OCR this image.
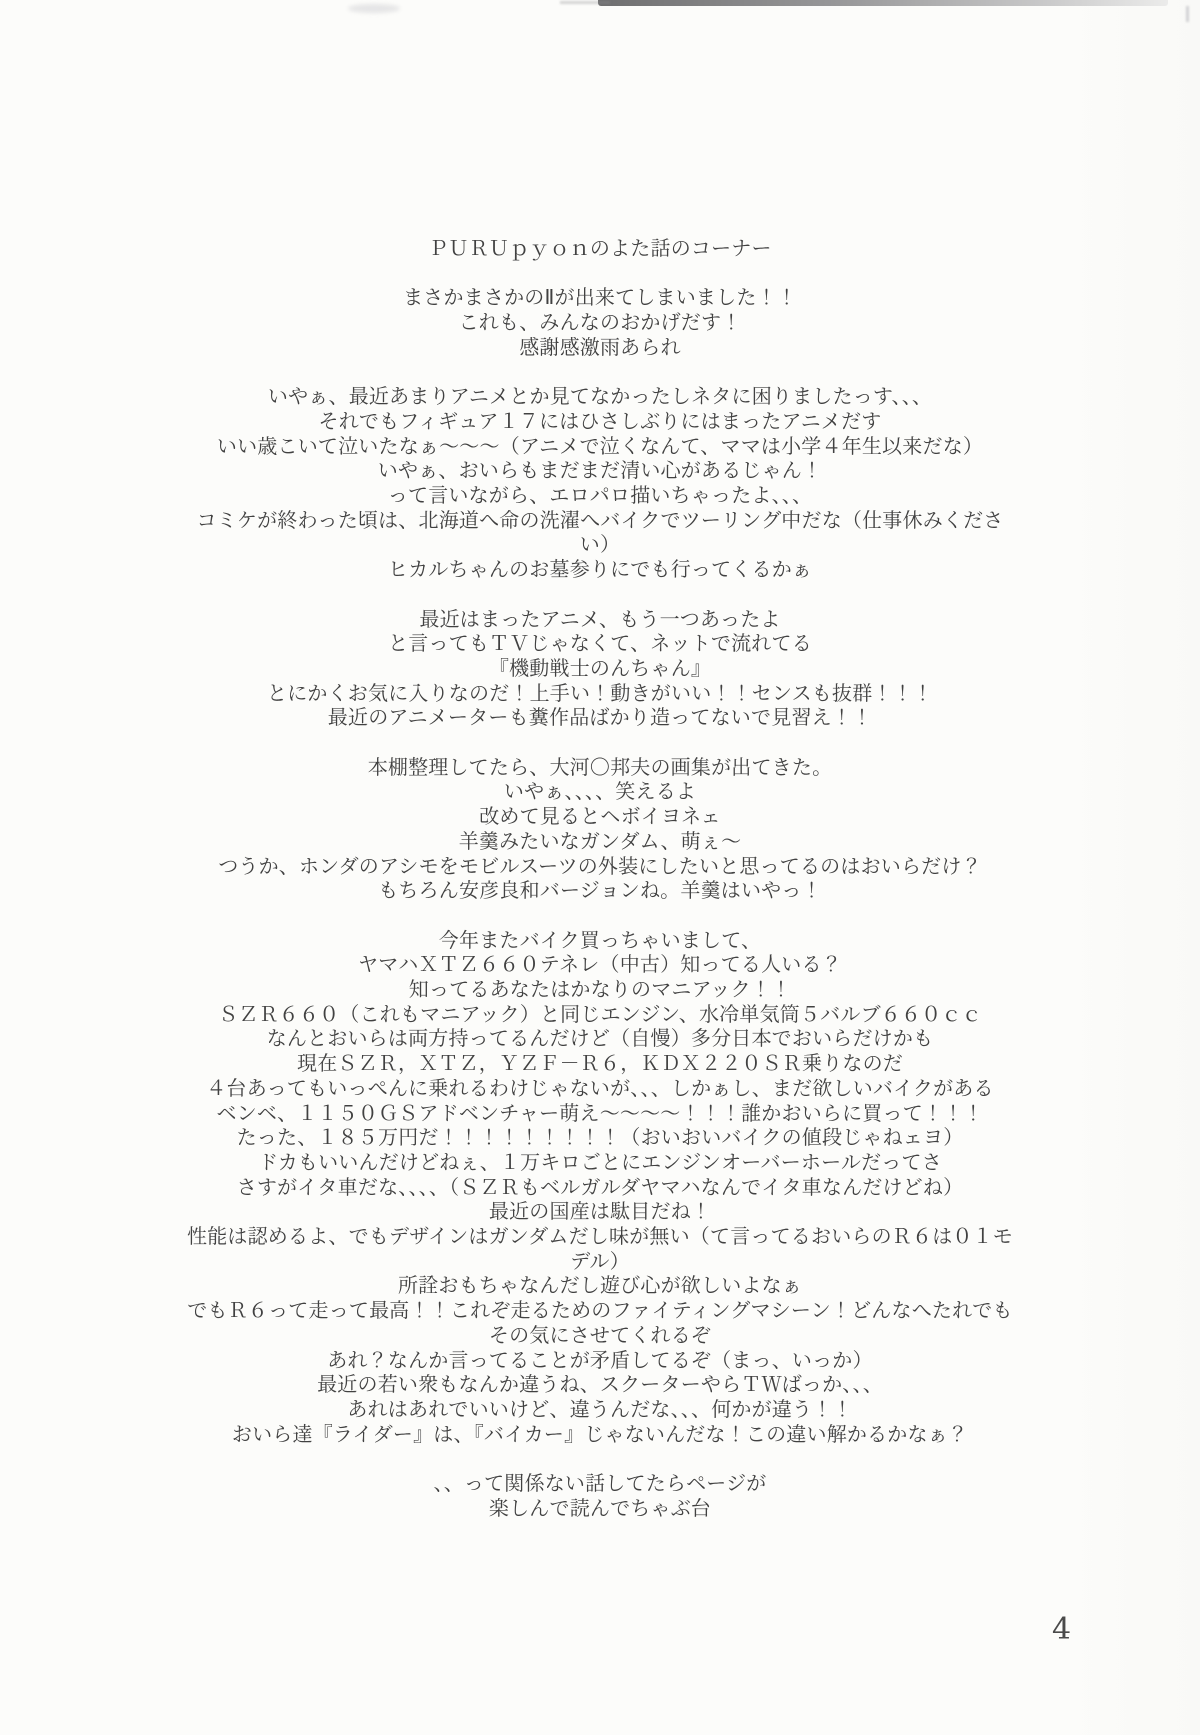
ＰＵＲＵｐｙｏｎのよた話のコーナー

まさかまさかのⅡが出来てしまいました！！
これも、みんなのおかげだす！
感謝感激雨あられ

いやぁ、最近あまりアニメとか見てなかったしネタに困りましたっす、、、
それでもフィギュア１７にはひさしぶりにはまったアニメだす
いい歳こいて泣いたなぁ～～～（アニメで泣くなんて、ママは小学４年生以来だな）
いやぁ、おいらもまだまだ清い心があるじゃん！
って言いながら、エロパロ描いちゃったよ、、、
コミケが終わった頃は、北海道へ命の洗濯へバイクでツーリング中だな（仕事休みくださ
い）
ヒカルちゃんのお墓参りにでも行ってくるかぁ

最近はまったアニメ、もう一つあったよ
と言ってもＴＶじゃなくて、ネットで流れてる
『機動戦士のんちゃん』
とにかくお気に入りなのだ！上手い！動きがいい！！センスも抜群！！！
最近のアニメーターも糞作品ばかり造ってないで見習え！！

本棚整理してたら、大河〇邦夫の画集が出てきた。
いやぁ、、、、笑えるよ
改めて見るとヘボイヨネェ
羊羹みたいなガンダム、萌ぇ～
つうか、ホンダのアシモをモビルスーツの外装にしたいと思ってるのはおいらだけ？
もちろん安彦良和バージョンね。羊羹はいやっ！

今年またバイク買っちゃいまして、
ヤマハＸＴＺ６６０テネレ（中古）知ってる人いる？
知ってるあなたはかなりのマニアック！！
ＳＺＲ６６０（これもマニアック）と同じエンジン、水冷単気筒５バルブ６６０ｃｃ
なんとおいらは両方持ってるんだけど（自慢）多分日本でおいらだけかも
現在ＳＺＲ，ＸＴＺ，ＹＺＦ－Ｒ６，ＫＤＸ２２０ＳＲ乗りなのだ
４台あってもいっぺんに乗れるわけじゃないが、、、しかぁし、まだ欲しいバイクがある
ベンベ、１１５０ＧＳアドベンチャー萌え～～～～！！！誰かおいらに買って！！！
たった、１８５万円だ！！！！！！！！！（おいおいバイクの値段じゃねェヨ）
ドカもいいんだけどねぇ、１万キロごとにエンジンオーバーホールだってさ
さすがイタ車だな、、、、（ＳＺＲもベルガルダヤマハなんでイタ車なんだけどね）
最近の国産は駄目だね！
性能は認めるよ、でもデザインはガンダムだし味が無い（て言ってるおいらのＲ６は０１モ
デル）
所詮おもちゃなんだし遊び心が欲しいよなぁ
でもＲ６って走って最高！！これぞ走るためのファイティングマシーン！どんなへたれでも
その気にさせてくれるぞ
あれ？なんか言ってることが矛盾してるぞ（まっ、いっか）
最近の若い衆もなんか違うね、スクーターやらＴＷばっか、、、
あれはあれでいいけど、違うんだな、、、何かが違う！！
おいら達『ライダー』は、『バイカー』じゃないんだな！この違い解かるかなぁ？

、、って関係ない話してたらページが
楽しんで読んでちゃぶ台

4
